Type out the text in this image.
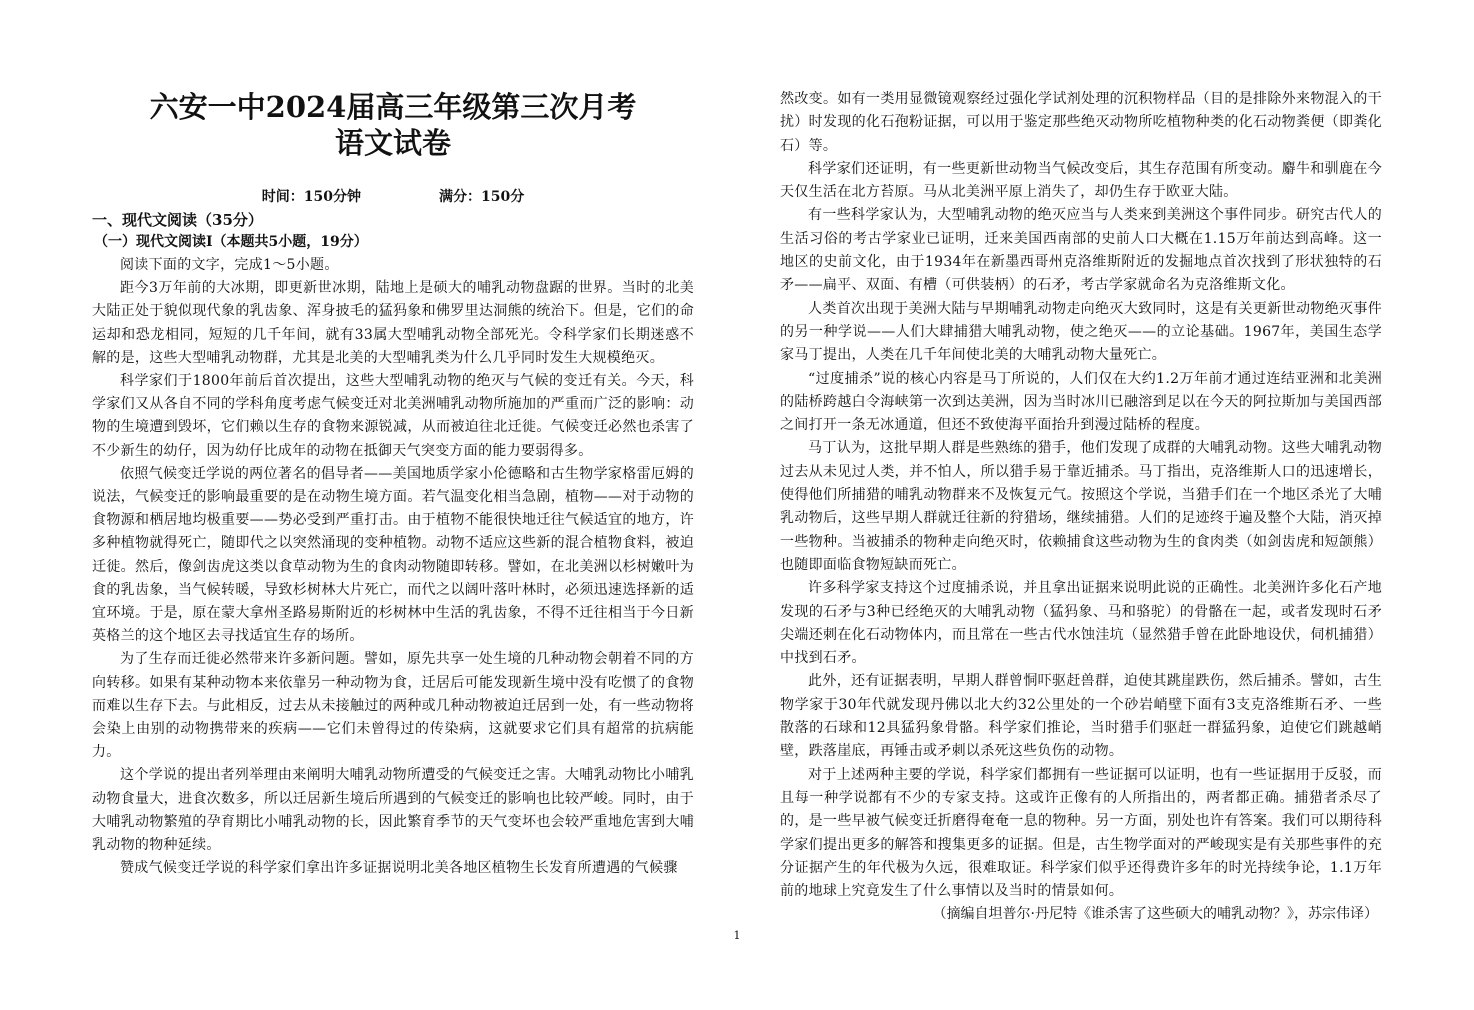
六安一中2024届高三年级第三次月考
语文试卷
时间：150分钟	满分：150分
一、现代文阅读（35分）
（一）现代文阅读Ⅰ（本题共5小题，19分）

阅读下面的文字，完成1～5小题。

距今3万年前的大冰期，即更新世冰期，陆地上是硕大的哺乳动物盘踞的世界。当时的北美大陆正处于貌似现代象的乳齿象、浑身披毛的猛犸象和佛罗里达洞熊的统治下。但是，它们的命运却和恐龙相同，短短的几千年间，就有33属大型哺乳动物全部死光。令科学家们长期迷惑不解的是，这些大型哺乳动物群，尤其是北美的大型哺乳类为什么几乎同时发生大规模绝灭。

科学家们于1800年前后首次提出，这些大型哺乳动物的绝灭与气候的变迁有关。今天，科学家们又从各自不同的学科角度考虑气候变迁对北美洲哺乳动物所施加的严重而广泛的影响：动物的生境遭到毁坏，它们赖以生存的食物来源锐减，从而被迫往北迁徙。气候变迁必然也杀害了不少新生的幼仔，因为幼仔比成年的动物在抵御天气突变方面的能力要弱得多。

依照气候变迁学说的两位著名的倡导者——美国地质学家小伦德略和古生物学家格雷厄姆的说法，气候变迁的影响最重要的是在动物生境方面。若气温变化相当急剧，植物——对于动物的食物源和栖居地均极重要——势必受到严重打击。由于植物不能很快地迁往气候适宜的地方，许多种植物就得死亡，随即代之以突然涌现的变种植物。动物不适应这些新的混合植物食料，被迫迁徙。然后，像剑齿虎这类以食草动物为生的食肉动物随即转移。譬如，在北美洲以杉树嫩叶为食的乳齿象，当气候转暖，导致杉树林大片死亡，而代之以阔叶落叶林时，必须迅速选择新的适宜环境。于是，原在蒙大拿州圣路易斯附近的杉树林中生活的乳齿象，不得不迁往相当于今日新英格兰的这个地区去寻找适宜生存的场所。

为了生存而迁徙必然带来许多新问题。譬如，原先共享一处生境的几种动物会朝着不同的方向转移。如果有某种动物本来依靠另一种动物为食，迁居后可能发现新生境中没有吃惯了的食物而难以生存下去。与此相反，过去从未接触过的两种或几种动物被迫迁居到一处，有一些动物将会染上由别的动物携带来的疾病——它们未曾得过的传染病，这就要求它们具有超常的抗病能力。

这个学说的提出者列举理由来阐明大哺乳动物所遭受的气候变迁之害。大哺乳动物比小哺乳动物食量大，进食次数多，所以迁居新生境后所遇到的气候变迁的影响也比较严峻。同时，由于大哺乳动物繁殖的孕育期比小哺乳动物的长，因此繁育季节的天气变坏也会较严重地危害到大哺乳动物的物种延续。

赞成气候变迁学说的科学家们拿出许多证据说明北美各地区植物生长发育所遭遇的气候骤

然改变。如有一类用显微镜观察经过强化学试剂处理的沉积物样品（目的是排除外来物混入的干扰）时发现的化石孢粉证据，可以用于鉴定那些绝灭动物所吃植物种类的化石动物粪便（即粪化石）等。

科学家们还证明，有一些更新世动物当气候改变后，其生存范围有所变动。麝牛和驯鹿在今天仅生活在北方苔原。马从北美洲平原上消失了，却仍生存于欧亚大陆。

有一些科学家认为，大型哺乳动物的绝灭应当与人类来到美洲这个事件同步。研究古代人的生活习俗的考古学家业已证明，迁来美国西南部的史前人口大概在1.15万年前达到高峰。这一地区的史前文化，由于1934年在新墨西哥州克洛维斯附近的发掘地点首次找到了形状独特的石矛——扁平、双面、有槽（可供装柄）的石矛，考古学家就命名为克洛维斯文化。

人类首次出现于美洲大陆与早期哺乳动物走向绝灭大致同时，这是有关更新世动物绝灭事件的另一种学说——人们大肆捕猎大哺乳动物，使之绝灭——的立论基础。1967年，美国生态学家马丁提出，人类在几千年间使北美的大哺乳动物大量死亡。

“过度捕杀”说的核心内容是马丁所说的，人们仅在大约1.2万年前才通过连结亚洲和北美洲的陆桥跨越白令海峡第一次到达美洲，因为当时冰川已融溶到足以在今天的阿拉斯加与美国西部之间打开一条无冰通道，但还不致使海平面抬升到漫过陆桥的程度。

马丁认为，这批早期人群是些熟练的猎手，他们发现了成群的大哺乳动物。这些大哺乳动物过去从未见过人类，并不怕人，所以猎手易于靠近捕杀。马丁指出，克洛维斯人口的迅速增长，使得他们所捕猎的哺乳动物群来不及恢复元气。按照这个学说，当猎手们在一个地区杀光了大哺乳动物后，这些早期人群就迁往新的狩猎场，继续捕猎。人们的足迹终于遍及整个大陆，消灭掉一些物种。当被捕杀的物种走向绝灭时，依赖捕食这些动物为生的食肉类（如剑齿虎和短颌熊）也随即面临食物短缺而死亡。

许多科学家支持这个过度捕杀说，并且拿出证据来说明此说的正确性。北美洲许多化石产地发现的石矛与3种已经绝灭的大哺乳动物（猛犸象、马和骆驼）的骨骼在一起，或者发现时石矛尖端还刺在化石动物体内，而且常在一些古代水蚀洼坑（显然猎手曾在此卧地设伏，伺机捕猎）中找到石矛。

此外，还有证据表明，早期人群曾恫吓驱赶兽群，迫使其跳崖跌伤，然后捕杀。譬如，古生物学家于30年代就发现丹佛以北大约32公里处的一个砂岩峭壁下面有3支克洛维斯石矛、一些散落的石球和12具猛犸象骨骼。科学家们推论，当时猎手们驱赶一群猛犸象，迫使它们跳越峭壁，跌落崖底，再锤击或矛刺以杀死这些负伤的动物。

对于上述两种主要的学说，科学家们都拥有一些证据可以证明，也有一些证据用于反驳，而且每一种学说都有不少的专家支持。这或许正像有的人所指出的，两者都正确。捕猎者杀尽了的，是一些早被气候变迁折磨得奄奄一息的物种。另一方面，别处也许有答案。我们可以期待科学家们提出更多的解答和搜集更多的证据。但是，古生物学面对的严峻现实是有关那些事件的充分证据产生的年代极为久远，很难取证。科学家们似乎还得费许多年的时光持续争论，1.1万年前的地球上究竟发生了什么事情以及当时的情景如何。

（摘编自坦普尔·丹尼特《谁杀害了这些硕大的哺乳动物？》，苏宗伟译）

1
